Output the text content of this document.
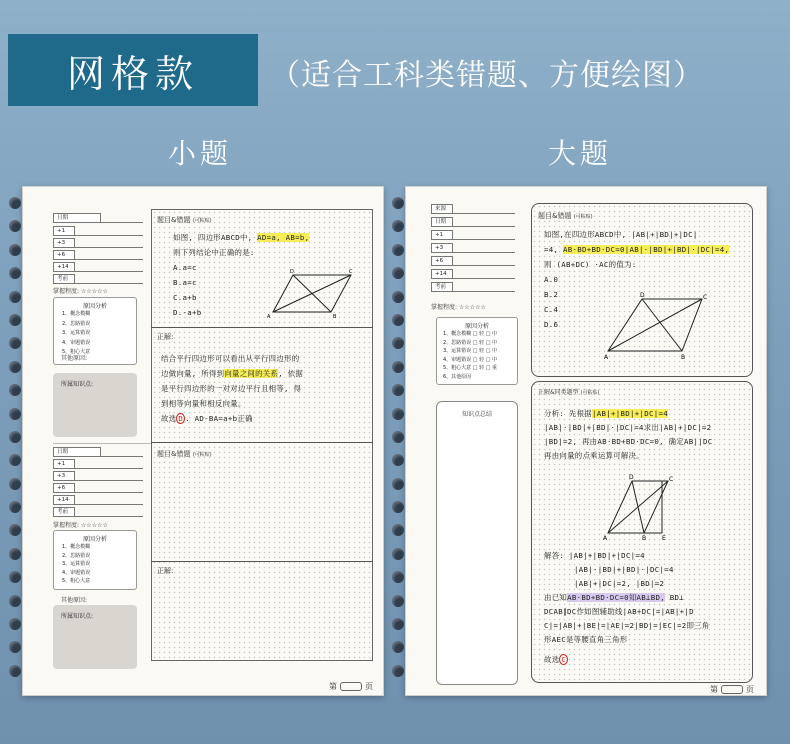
网格款 （适合工科类错题、方便绘图）
小题	大题
日期
+1
+3
+6
+14
考前
掌握程度: ☆☆☆☆☆
原因分析
1、概念模糊
2、思路错误
3、运算错误
4、审题错误
5、粗心大意
其他原因:
所属知识点:
日期
+1
+3
+6
+14
考前
掌握程度: ☆☆☆☆☆
原因分析
1、概念模糊
2、思路错误
3、运算错误
4、审题错误
5、粗心大意
其他原因:
所属知识点:
题目&错题 (可粘贴)
如图, 四边形ABCD中, AD=a, AB=b,
则下列结论中正确的是:
A.a=c
B.a=c
C.a+b
D.-a+b	A
D	C
B
正解:
结合平行四边形可以看出从平行四边形的
边做向量, 所得到向量之间的关系, 依据
是平行四边形的一对对边平行且相等, 得
到相等向量和相反向量。
故选 D . AD-BA=a+b正确
题目&错题 (可粘贴)
正解:
第	页
来源
日期
+1
+3
+6
+14
考前
掌握程度: ☆☆☆☆☆
原因分析
1、概念模糊 □ 轻 □ 中
2、思路错误 □ 轻 □ 中
3、运算错误 □ 轻 □ 中
4、审题错误 □ 轻 □ 中
5、粗心大意 □ 轻 □ 重
6、其他原因
知识点总结
题目&错题 (可粘贴)
如图,在四边形ABCD中, |AB|+|BD|+|DC|
=4, AB·BD+BD·DC=0|AB|·|BD|+|BD|·|DC|=4,
则 (AB+DC) ·AC的值为:
A.0
B.2
C.4
D.6
A
D	C
B
正解&同类题型 (可粘贴)
分析: 先根据|AB|+|BD|+|DC|=4
|AB|·|BD|+|BD|·|DC|=4求出|AB|+|DC|=2
|BD|=2, 再由AB·BD+BD·DC=0, 确定AB||DC
再由向量的点乘运算可解决。
A
D	C
B	E
解答: |AB|+|BD|+|DC|=4
|AB|·|BD|+|BD|·|DC|=4
|AB|+|DC|=2, |BD|=2
由已知AB·BD+BD·DC=0知AB⊥BD, BD⊥
DCAB∥DC作如图辅助线|AB+DC|=|AB|+|D
C|=|AB|+|BE|=|AE|=2|BD|=|EC|=2即三角
形AEC是等腰直角三角形
故选 C
第	页
